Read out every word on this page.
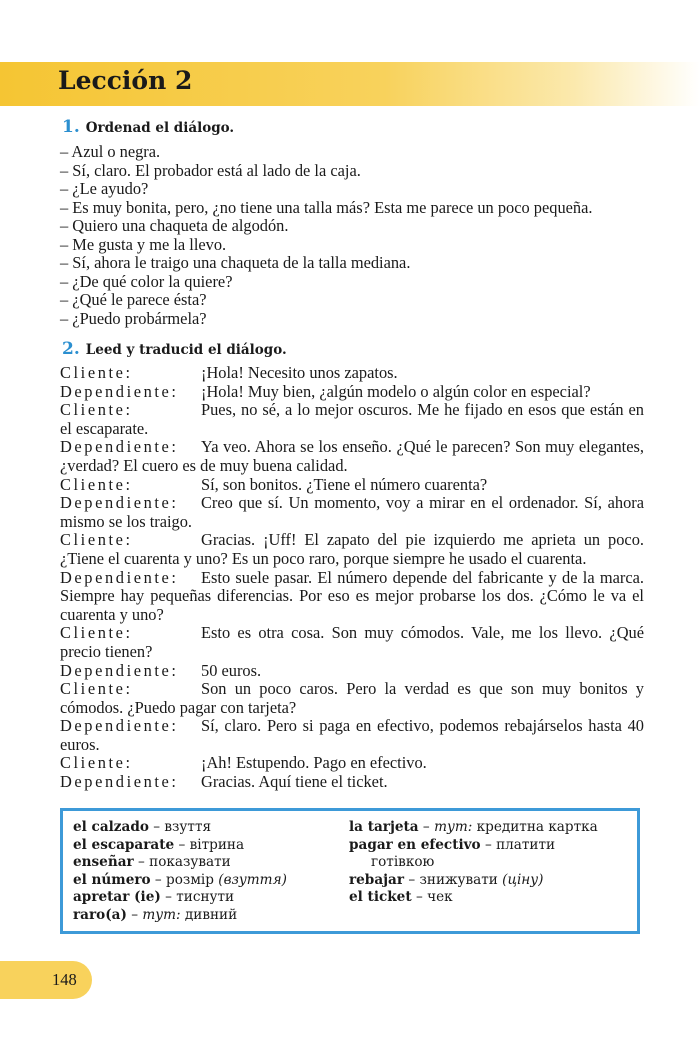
Lección 2

1. Ordenad el diálogo.

– Azul o negra.
– Sí, claro. El probador está al lado de la caja.
– ¿Le ayudo?
– Es muy bonita, pero, ¿no tiene una talla más? Esta me parece un poco pequeña.
– Quiero una chaqueta de algodón.
– Me gusta y me la llevo.
– Sí, ahora le traigo una chaqueta de la talla mediana.
– ¿De qué color la quiere?
– ¿Qué le parece ésta?
– ¿Puedo probármela?

2. Leed y traducid el diálogo.

Cliente:	¡Hola! Necesito unos zapatos.
Dependiente: ¡Hola! Muy bien, ¿algún modelo o algún color en especial?
Cliente:	Pues, no sé, a lo mejor oscuros. Me he fijado en esos que están en el escaparate.
Dependiente: Ya veo. Ahora se los enseño. ¿Qué le parecen? Son muy elegantes, ¿verdad? El cuero es de muy buena calidad.
Cliente:	Sí, son bonitos. ¿Tiene el número cuarenta?
Dependiente: Creo que sí. Un momento, voy a mirar en el ordenador. Sí, ahora mismo se los traigo.
Cliente:	Gracias. ¡Uff! El zapato del pie izquierdo me aprieta un poco. ¿Tiene el cuarenta y uno? Es un poco raro, porque siempre he usado el cuarenta.
Dependiente: Esto suele pasar. El número depende del fabricante y de la marca. Siempre hay pequeñas diferencias. Por eso es mejor probarse los dos. ¿Cómo le va el cuarenta y uno?
Cliente:	Esto es otra cosa. Son muy cómodos. Vale, me los llevo. ¿Qué precio tienen?
Dependiente: 50 euros.
Cliente:	Son un poco caros. Pero la verdad es que son muy bonitos y cómodos. ¿Puedo pagar con tarjeta?
Dependiente: Sí, claro. Pero si paga en efectivo, podemos rebajárselos hasta 40 euros.
Cliente:	¡Ah! Estupendo. Pago en efectivo.
Dependiente: Gracias. Aquí tiene el ticket.
el calzado – взуття
el escaparate – вітрина
enseñar – показувати
el número – розмір (взуття)
apretar (ie) – тиснути
raro(a) – тут: дивний
la tarjeta – тут: кредитна картка
pagar en efectivo – платити
готівкою
rebajar – знижувати (ціну)
el ticket – чек

148
